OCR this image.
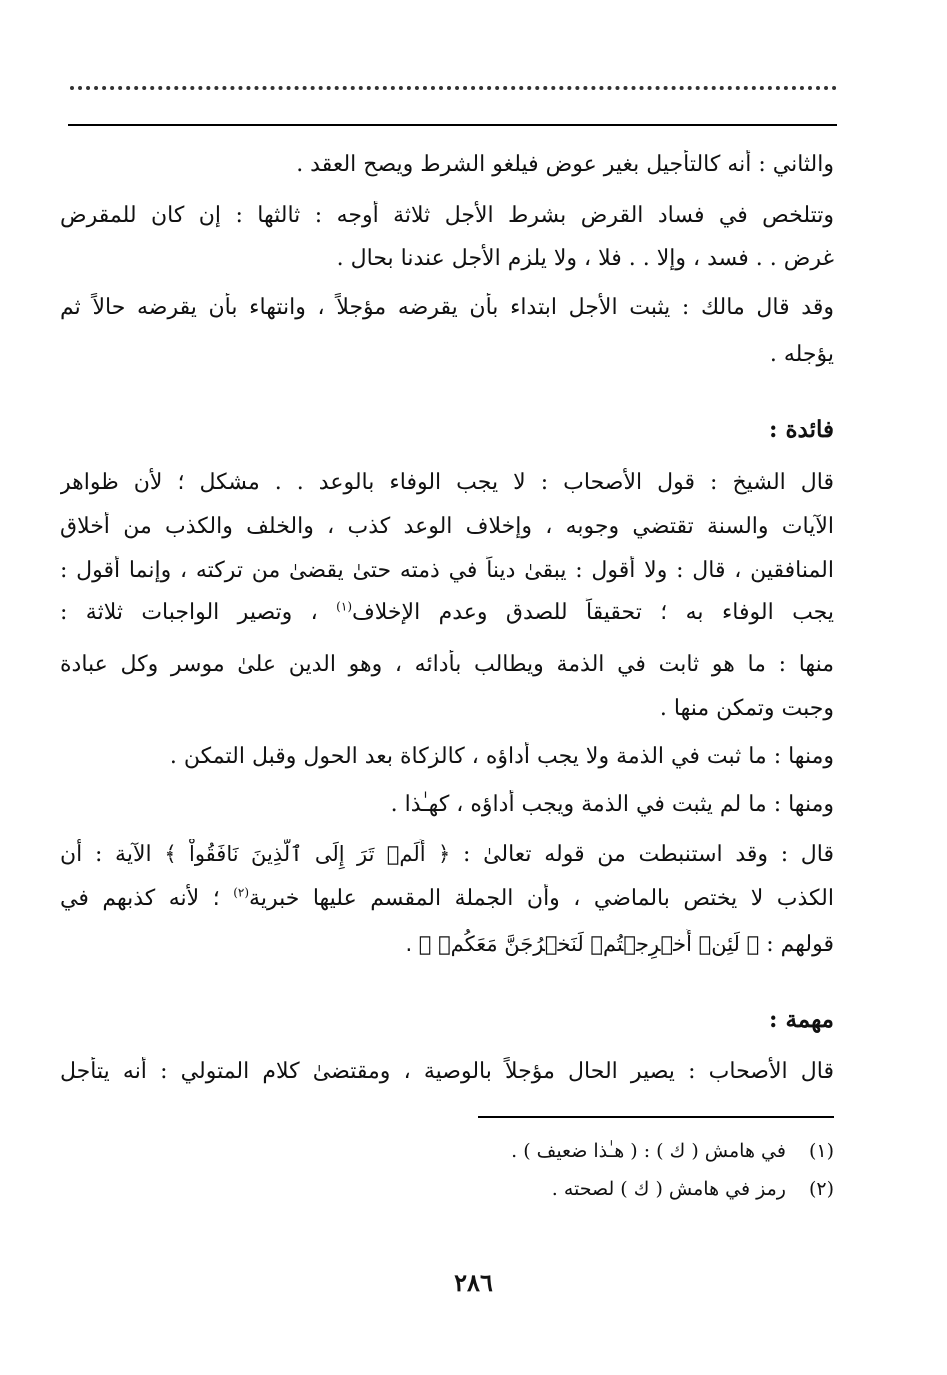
والثاني : أنه كالتأجيل بغير عوض فيلغو الشرط ويصح العقد .
وتتلخص في فساد القرض بشرط الأجل ثلاثة أوجه : ثالثها : إن كان للمقرض
غرض . . فسد ، وإلا . . فلا ، ولا يلزم الأجل عندنا بحال .
وقد قال مالك : يثبت الأجل ابتداء بأن يقرضه مؤجلاً ، وانتهاء بأن يقرضه حالاً ثم
يؤجله .
فائدة :
قال الشيخ : قول الأصحاب : لا يجب الوفاء بالوعد . . مشكل ؛ لأن ظواهر
الآيات والسنة تقتضي وجوبه ، وإخلاف الوعد كذب ، والخلف والكذب من أخلاق
المنافقين ، قال : ولا أقول : يبقىٰ ديناً في ذمته حتىٰ يقضىٰ من تركته ، وإنما أقول :
يجب الوفاء به ؛ تحقيقاً للصدق وعدم الإخلاف$^{(١)}$ ، وتصير الواجبات ثلاثة :
منها : ما هو ثابت في الذمة ويطالب بأدائه ، وهو الدين علىٰ موسر وكل عبادة
وجبت وتمكن منها .
ومنها : ما ثبت في الذمة ولا يجب أداؤه ، كالزكاة بعد الحول وقبل التمكن .
ومنها : ما لم يثبت في الذمة ويجب أداؤه ، كهـٰذا .
قال : وقد استنبطت من قوله تعالىٰ : ﴿ أَلَمۡ تَرَ إِلَى ٱلَّذِينَ نَافَقُواْ ﴾ الآية : أن
الكذب لا يختص بالماضي ، وأن الجملة المقسم عليها خبرية$^{(٢)}$ ؛ لأنه كذبهم في
قولهم : ﴿ لَئِنۡ أُخۡرِجۡتُمۡ لَنَخۡرُجَنَّ مَعَكُمۡ ﴾ .
مهمة :
قال الأصحاب : يصير الحال مؤجلاً بالوصية ، ومقتضىٰ كلام المتولي : أنه يتأجل
(١) في هامش ( ك ) : ( هـٰذا ضعيف ) .
(٢) رمز في هامش ( ك ) لصحته .
٢٨٦
